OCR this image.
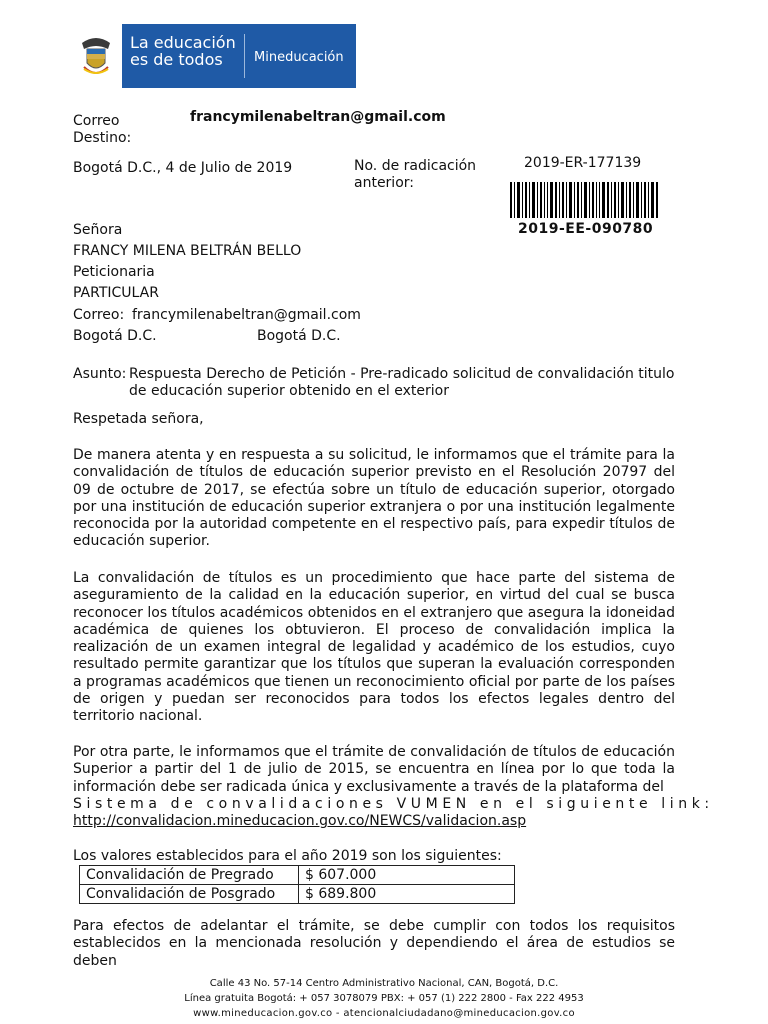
La educación
es de todos	Mineducación
Correo
Destino:
francymilenabeltran@gmail.com
Bogotá D.C., 4 de Julio de 2019	No. de radicación
anterior:
2019-ER-177139
2019-EE-090780
Señora
FRANCY MILENA BELTRÁN BELLO
Peticionaria
PARTICULAR
Correo: francymilenabeltran@gmail.com
Bogotá D.C.	Bogotá D.C.
Asunto: Respuesta Derecho de Petición - Pre-radicado solicitud de convalidación titulo
de educación superior obtenido en el exterior
Respetada señora,
De manera atenta y en respuesta a su solicitud, le informamos que el trámite para la convalidación de títulos de educación superior previsto en el Resolución 20797 del 09 de octubre de 2017, se efectúa sobre un título de educación superior, otorgado por una institución de educación superior extranjera o por una institución legalmente reconocida por la autoridad competente en el respectivo país, para expedir títulos de educación superior.
La convalidación de títulos es un procedimiento que hace parte del sistema de aseguramiento de la calidad en la educación superior, en virtud del cual se busca reconocer los títulos académicos obtenidos en el extranjero que asegura la idoneidad académica de quienes los obtuvieron. El proceso de convalidación implica la realización de un examen integral de legalidad y académico de los estudios, cuyo resultado permite garantizar que los títulos que superan la evaluación corresponden a programas académicos que tienen un reconocimiento oficial por parte de los países de origen y puedan ser reconocidos para todos los efectos legales dentro del territorio nacional.
Por otra parte, le informamos que el trámite de convalidación de títulos de educación Superior a partir del 1 de julio de 2015, se encuentra en línea por lo que toda la información debe ser radicada única y exclusivamente a través de la plataforma del
Sistema de convalidaciones VUMEN en el siguiente link:
http://convalidacion.mineducacion.gov.co/NEWCS/validacion.asp
Los valores establecidos para el año 2019 son los siguientes:
Convalidación de Pregrado	$ 607.000
Convalidación de Posgrado	$ 689.800
Para efectos de adelantar el trámite, se debe cumplir con todos los requisitos establecidos en la mencionada resolución y dependiendo el área de estudios se deben
Calle 43 No. 57-14 Centro Administrativo Nacional, CAN, Bogotá, D.C.
Línea gratuita Bogotá: + 057 3078079 PBX: + 057 (1) 222 2800 - Fax 222 4953
www.mineducacion.gov.co - atencionalciudadano@mineducacion.gov.co
